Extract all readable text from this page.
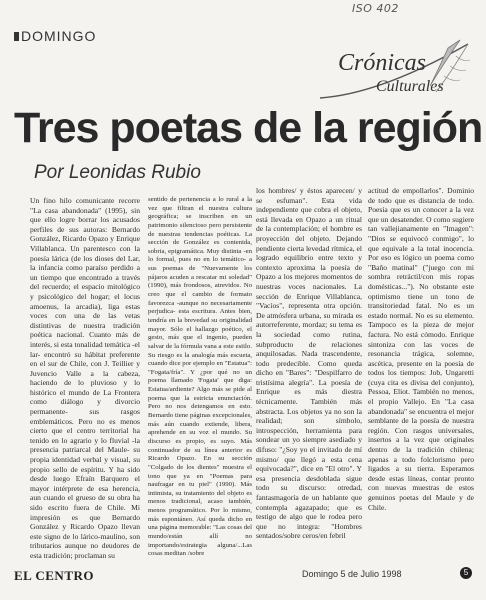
ISO 402
DOMINGO
Crónicas
Culturales
Tres poetas de la región
Por Leonidas Rubio

Un fino hilo comunicante recorre "La casa abandonada" (1995), sin que ello logre borrar los acusados perfiles de sus autoras: Bernardo González, Ricardo Opazo y Enrique Villablanca. Un parentesco con la poesía lárica (de los dioses del Lar, la infancia como paraíso perdido a un tiempo que encontrado a través del recuerdo; el espacio mitológico y psicológico del hogar; el locus amoenus, la arcadia), liga estas voces con una de las vetas distintivas de nuestra tradición poética nacional. Cuanto más de interés, si esta tonalidad temática -el lar- encontró su hábitat preferente en el sur de Chile, con J. Teillier y Juvencio Valle a la cabeza, haciendo de lo pluvioso y lo histórico el mundo de La Frontera como diálogo y divorcio permanente- sus rasgos emblemáticos. Pero no es menos cierto que el centro territorial ha tenido en lo agrario y lo fluvial -la presencia patriarcal del Maule- su propia identidad verbal y visual, su propio sello de espíritu. Y ha sido desde luego Efraín Barquero el mayor intérprete de esa herencia, aun cuando el grueso de su obra ha sido escrito fuera de Chile. Mi impresión es que Bernardo González y Ricardo Opazo llevan este signo de lo lárico-maulino, son tributarios aunque no deudores de esta tradición; proclaman su

sentido de pertenencia a lo rural a la vez que filtran el nuestra cultura geográfica; se inscriben en un patrimonio silencioso pero persistente de nuestras tendencias poéticas. La sección de González es contenida, sobria, epigramática. Muy distinta -en lo formal, pues no en lo temático- a sus poemas de "Nuevamente los pájaros acuden a rescatar mi soledad" (1990), más frondosos, atrevidos. No creo que el cambio de formato favorezca -aunque no necesariamente perjudica- esta escritura. Antes bien, tendría en la brevedad su originalidad mayor. Sólo el hallazgo poético, el gesto, más que el ingenio, pueden salvar de la fórmula vana a este estilo. Su riesgo es la analogía más escueta, cuando dice por ejemplo en "Estatua": "Fogata/fría". Y ¿por qué no un poema llamado 'Fogata' que diga: Estatua/ardiente? Algo más se pide al poema que la estricta enunciación. Pero no nos detengamos en esto. Bernardo tiene páginas excepcionales, más aún cuando extiende, libera, aprehende en su voz el mundo. Su discurso es propio, es suyo. Más continuador de su línea anterior es Ricardo Opazo. En su sección "Colgado de los dientes" muestra el tono que ya en "Poemas para naufragar en tu piel" (1990). Más intimista, su tratamiento del objeto es menos tradicional, acaso también, menos programático. Por lo mismo, más espontáneo. Así queda dicho en una página memorable: "Las cosas del mundo/están allí no importando/estrategia alguna/...Las cosas meditan /sobre

los hombres/ y éstos aparecen/ y se esfuman". Esta vida independiente que cobra el objeto, está llevada en Opazo a un ritual de la contemplación; el hombre es proyección del objeto. Dejando pendiente cierta levedad rítmica, el logrado equilibrio entre texto y contexto aproxima la poesía de Opazo a los mejores momentos de nuestras voces nacionales. La sección de Enrique Villablanca, "Vacíos", representa otra opción. De atmósfera urbana, su mirada es autorreferente, mordaz; su tema es la sociedad como rutina, subproducto de relaciones anquilosadas. Nada trascendente, todo predecible. Como queda dicho en "Bares": "Despilfarro de tristísima alegría". La poesía de Enrique es más diestra técnicamente. También más abstracta. Los objetos ya no son la realidad; son símbolo, introspección, herramienta para sondear un yo siempre asediado y difuso: "¿Soy yo el invitado de mí mismo/ que llegó a esta cena equivocada?", dice en "El otro". Y esa presencia desdoblada sigue todo su discurso: otredad, fantasmagoría de un hablante que contempla agazapado; que es testigo de algo que le rodea pero que no integra: "Hombres sentados/sobre ceros/en febril

actitud de empollarlos". Dominio de todo que es distancia de todo. Poesía que es un conocer a la vez que un desatender. O como sugiere tan vallejianamente en "Imagen": "Dios se equivocó conmigo", lo que equivale a la total inocencia. Por eso es lógico un poema como "Baño matinal" ("juego con mi sombra retráctil/con mis ropas domésticas..."). No obstante este optimismo tiene un tono de transitoriedad fatal. No es un estado normal. No es su elemento. Tampoco es la pieza de mejor factura. No está cómodo. Enrique sintoniza con las voces de resonancia trágica, solemne, ascética, presente en la poesía de todos los tiempos: Job, Ungaretti (cuya cita es divisa del conjunto), Pessoa, Eliot. También no menos, el propio Vallejo. En "La casa abandonada" se encuentra el mejor semblante de la poesía de nuestra región. Con rasgos universales, insertos a la vez que originales dentro de la tradición chilena; apenas a todo folclorismo pero ligados a su tierra. Esperamos desde estas líneas, contar pronto con nuevas muestras de estos genuinos poetas del Maule y de Chile.

EL CENTRO	Domingo 5 de Julio 1998	5
